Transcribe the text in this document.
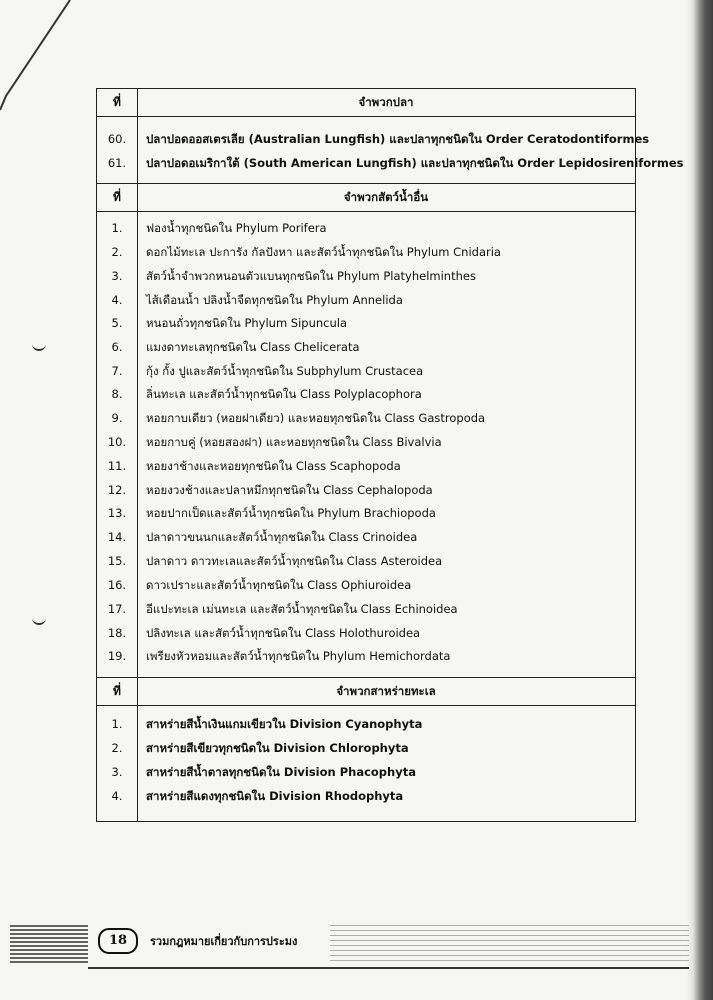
ที่	จำพวกปลา
60.	ปลาปอดออสเตรเลีย (Australian Lungfish) และปลาทุกชนิดใน Order Ceratodontiformes
61.	ปลาปอดอเมริกาใต้ (South American Lungfish) และปลาทุกชนิดใน Order Lepidosireniformes
ที่	จำพวกสัตว์น้ำอื่น
1.	ฟองน้ำทุกชนิดใน Phylum Porifera
2.	ดอกไม้ทะเล ปะการัง กัลปังหา และสัตว์น้ำทุกชนิดใน Phylum Cnidaria
3.	สัตว์น้ำจำพวกหนอนตัวแบนทุกชนิดใน Phylum Platyhelminthes
4.	ไส้เดือนน้ำ ปลิงน้ำจืดทุกชนิดใน Phylum Annelida
5.	หนอนถั่วทุกชนิดใน Phylum Sipuncula
6.	แมงดาทะเลทุกชนิดใน Class Chelicerata
7.	กุ้ง กั้ง ปูและสัตว์น้ำทุกชนิดใน Subphylum Crustacea
8.	ลิ่นทะเล และสัตว์น้ำทุกชนิดใน Class Polyplacophora
9.	หอยกาบเดียว (หอยฝาเดียว) และหอยทุกชนิดใน Class Gastropoda
10.	หอยกาบคู่ (หอยสองฝา) และหอยทุกชนิดใน Class Bivalvia
11.	หอยงาช้างและหอยทุกชนิดใน Class Scaphopoda
12.	หอยงวงช้างและปลาหมึกทุกชนิดใน Class Cephalopoda
13.	หอยปากเป็ดและสัตว์น้ำทุกชนิดใน Phylum Brachiopoda
14.	ปลาดาวขนนกและสัตว์น้ำทุกชนิดใน Class Crinoidea
15.	ปลาดาว ดาวทะเลและสัตว์น้ำทุกชนิดใน Class Asteroidea
16.	ดาวเปราะและสัตว์น้ำทุกชนิดใน Class Ophiuroidea
17.	อีแปะทะเล เม่นทะเล และสัตว์น้ำทุกชนิดใน Class Echinoidea
18.	ปลิงทะเล และสัตว์น้ำทุกชนิดใน Class Holothuroidea
19.	เพรียงหัวหอมและสัตว์น้ำทุกชนิดใน Phylum Hemichordata
ที่	จำพวกสาหร่ายทะเล
1.	สาหร่ายสีน้ำเงินแกมเขียวใน Division Cyanophyta
2.	สาหร่ายสีเขียวทุกชนิดใน Division Chlorophyta
3.	สาหร่ายสีน้ำตาลทุกชนิดใน Division Phacophyta
4.	สาหร่ายสีแดงทุกชนิดใน Division Rhodophyta
18	รวมกฎหมายเกี่ยวกับการประมง
